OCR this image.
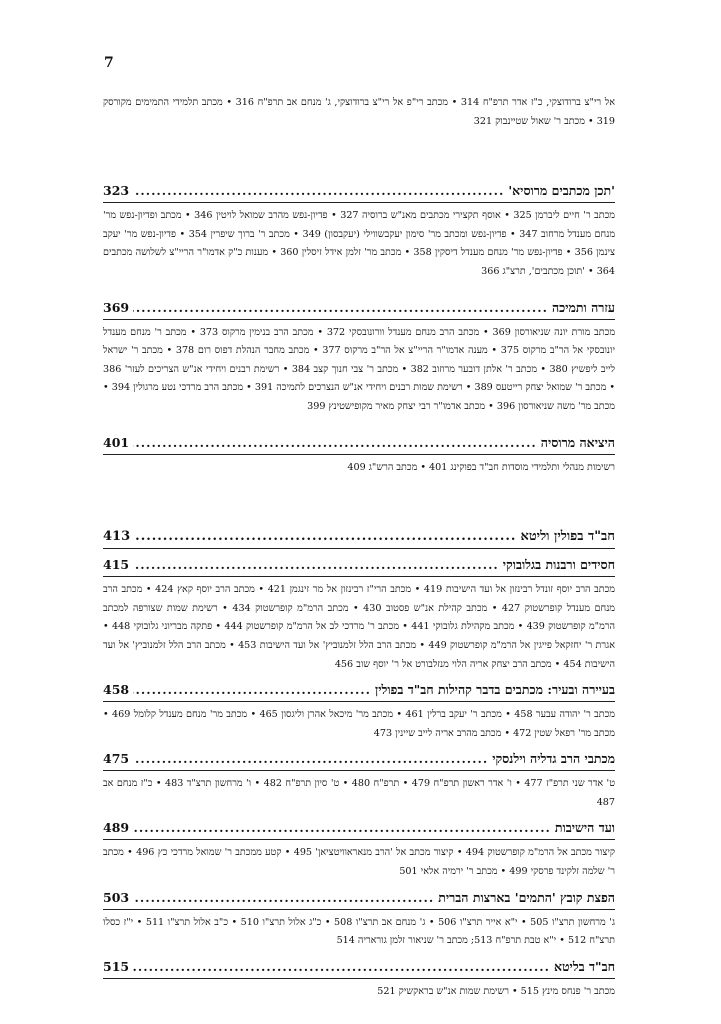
7

אל רי"צ ברודוצקי, כ"ז אדר תרפ"ח 314 • מכתב רי"פ אל רי"צ ברודוצקי, ג' מנחם אב תרפ"ח 316 • מכתב תלמידי התמימים מקורסק 319 • מכתב ר' שאול שטיינבוק 321

'תכן מכתבים מרוסיא'
.....
323

מכתב ר' חיים ליברמן 325 • אוסף תקצירי מכתבים מאנ"ש ברוסיה 327 • פדיון-נפש מהרב שמואל לויטין 346 • מכתב ופדיון-נפש מר' מנחם מענדל מרחוב 347 • פדיון-נפש ומכתב מר' סימון יעקבשווילי (יעקבסון) 349 • מכתב ר' ברוך שיפרין 354 • פדיון-נפש מר' יעקב צינמן 356 • פדיון-נפש מר' מנחם מענדל דיסקין 358 • מכתב מר' זלמן אידל זיסלין 360 • מענות כ"ק אדמו"ר הריי"צ לשלושה מכתבים 364 • 'תוכן מכתבים', תרצ"ג 366

עזרה ותמיכה
.....
369

מכתב מורת יונה שניאורסון 369 • מכתב הרב מנחם מענדל וורונובסקי 372 • מכתב הרב בנימין מרקוס 373 • מכתב ר' מנחם מענדל יונובסקי אל הר"ב מרקוס 375 • מענה אדמו"ר הריי"צ אל הר"ב מרקוס 377 • מכתב מחבר הנהלת דפוס רום 378 • מכתב ר' ישראל לייב ליפשיץ 380 • מכתב ר' אלתן דובער מרוזוב 382 • מכתב ר' צבי חנוך קצב 384 • רשימת רבנים ויחידי אנ"ש הצריכים לעזר' 386 • מכתב ר' שמואל יצחק רייטעס 389 • רשימת שמות רבנים ויחידי אנ"ש הנצרכים לתמיכה 391 • מכתב הרב מרדכי נטע מרגולין 394 • מכתב מר' משה שניאורסון 396 • מכתב אדמו"ר רבי יצחק מאיר מקופישטינץ 399

היציאה מרוסיה
.....
401

רשימות מנהלי ותלמידי מוסדות חב"ד בפוקינג 401 • מכתב הרש"ג 409

חב"ד בפולין וליטא
.....
413
חסידים ורבנות בגלובוקי
.....
415

מכתב הרב יוסף זונדל רבינזון אל ועד הישיבות 419 • מכתב הרי"ז רבינזון אל מר זינגמן 421 • מכתב הרב יוסף קאץ 424 • מכתב הרב מנחם מענדל קופרשטוק 427 • מכתב קהילת אנ"ש פסטוב 430 • מכתב הרמ"מ קופרשטוק 434 • רשימת שמות שצורפה למכתב הרמ"מ קופרשטוק 439 • מכתב מקהילת גלובוקי 441 • מכתב ר' מרדכי לב אל הרמ"מ קופרשטוק 444 • פתקה מבריוני גלובוקי 448 • אגרת ר' יחזקאל פייגין אל הרמ"מ קופרשטוק 449 • מכתב הרב הלל זלמנוביץ' אל ועד הישיבות 453 • מכתב הרב הלל זלמנוביץ' אל ועד הישיבות 454 • מכתב הרב יצחק אריה הלוי מנזלבורט אל ר' יוסף שוב 456

בעיירה ובעיר: מכתבים בדבר קהילות חב"ד בפולין
.....
458

מכתב ר' יהודה עבער 458 • מכתב ר' יעקב ברלין 461 • מכתב מר' מיכאל אהרן וליגסון 465 • מכתב מר' מנחם מענדל קלומל 469 • מכתב מר' רפאל שטין 472 • מכתב מהרב אריה לייב שיינין 473

מכתבי הרב גדליה וילנסקי
.....
475

ט' אדר שני תרפ"ז 477 • ו' אדר ראשון תרפ"ח 479 • תרפ"ח 480 • ט' סיון תרפ"ח 482 • ו' מרחשון תרצ"ד 483 • כ"ז מנחם אב 487

ועד הישיבות
.....
489

קיצור מכתב אל הרמ"מ קופרשטוק 494 • קיצור מכתב אל 'הרב מנאראוויטציאן' 495 • קטע ממכתב ר' שמואל מרדכי כץ 496 • מכתב ר' שלמה זלקינד פרסקי 499 • מכתב ר' ירמיה אלאי 501

הפצת קובץ 'התמים' בארצות הברית
.....
503

ג' מרחשון תרצ"ו 505 • י"א אייר תרצ"ו 506 • ג' מנחם אב תרצ"ו 508 • כ"ג אלול תרצ"ו 510 • כ"ב אלול תרצ"ו 511 • י"ז כסלו תרצ"ח 512 • י"א טבת תרפ"ח 513; מכתב ר' שניאור זלמן גוראריה 514

חב"ד בליטא
.....
515

מכתב ר' פנחס מינץ 515 • רשימת שמות אנ"ש בראקשיק 521
